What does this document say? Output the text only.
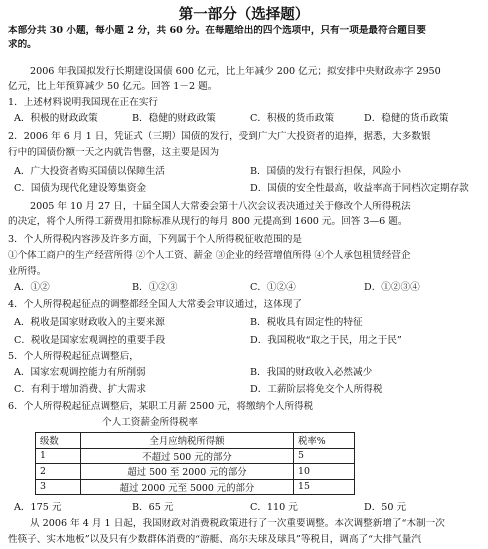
第一部分（选择题）
本部分共 30 小题，每小题 2 分，共 60 分。在每题给出的四个选项中，只有一项是最符合题目要
求的。
2006 年我国拟发行长期建设国债 600 亿元，比上年减少 200 亿元；拟安排中央财政赤字 2950
亿元，比上年预算减少 50 亿元。回答 1－2 题。
1．上述材料说明我国现在正在实行
A．积极的财政政策	B．稳健的财政政策	C．积极的货币政策	D．稳健的货币政策
2．2006 年 6 月 1 日，凭证式（三期）国债的发行，受到广大广大投资者的追捧，据悉，大多数银
行中的国债份额一天之内就告售罄，这主要是因为
A．广大投资者购买国债以保障生活	B．国债的发行有银行担保，风险小
C．国债为现代化建设筹集资金	D．国债的安全性最高，收益率高于同档次定期存款
2005 年 10 月 27 日，十届全国人大常委会第十八次会议表决通过关于修改个人所得税法
的决定，将个人所得工薪费用扣除标准从现行的每月 800 元提高到 1600 元。回答 3—6 题。
3．个人所得税内容涉及许多方面，下列属于个人所得税征收范围的是
①个体工商户的生产经营所得 ②个人工资、薪金 ③企业的经营增值所得 ④个人承包租赁经营企
业所得。
A．①②	B．①②③	C．①②④	D．①②③④
4．个人所得税起征点的调整都经全国人大常委会审议通过，这体现了
A．税收是国家财政收入的主要来源	B．税收具有固定性的特征
C．税收是国家宏观调控的重要手段	D．我国税收“取之于民，用之于民”
5．个人所得税起征点调整后，
A．国家宏观调控能力有所削弱	B．我国的财政收入必然减少
C．有利于增加消费、扩大需求	D．工薪阶层将免交个人所得税
6．个人所得税起征点调整后，某职工月薪 2500 元，将缴纳个人所得税
个人工资薪金所得税率
级数	全月应纳税所得额	税率%
1	不超过 500 元的部分	5
2	超过 500 至 2000 元的部分	10
3	超过 2000 元至 5000 元的部分	15
A．175 元	B．65 元	C．110 元	D．50 元
从 2006 年 4 月 1 日起，我国财政对消费税政策进行了一次重要调整。本次调整新增了“木制一次
性筷子、实木地板”以及只有少数群体消费的“游艇、高尔夫球及球具”等税目，调高了“大排气量汽
